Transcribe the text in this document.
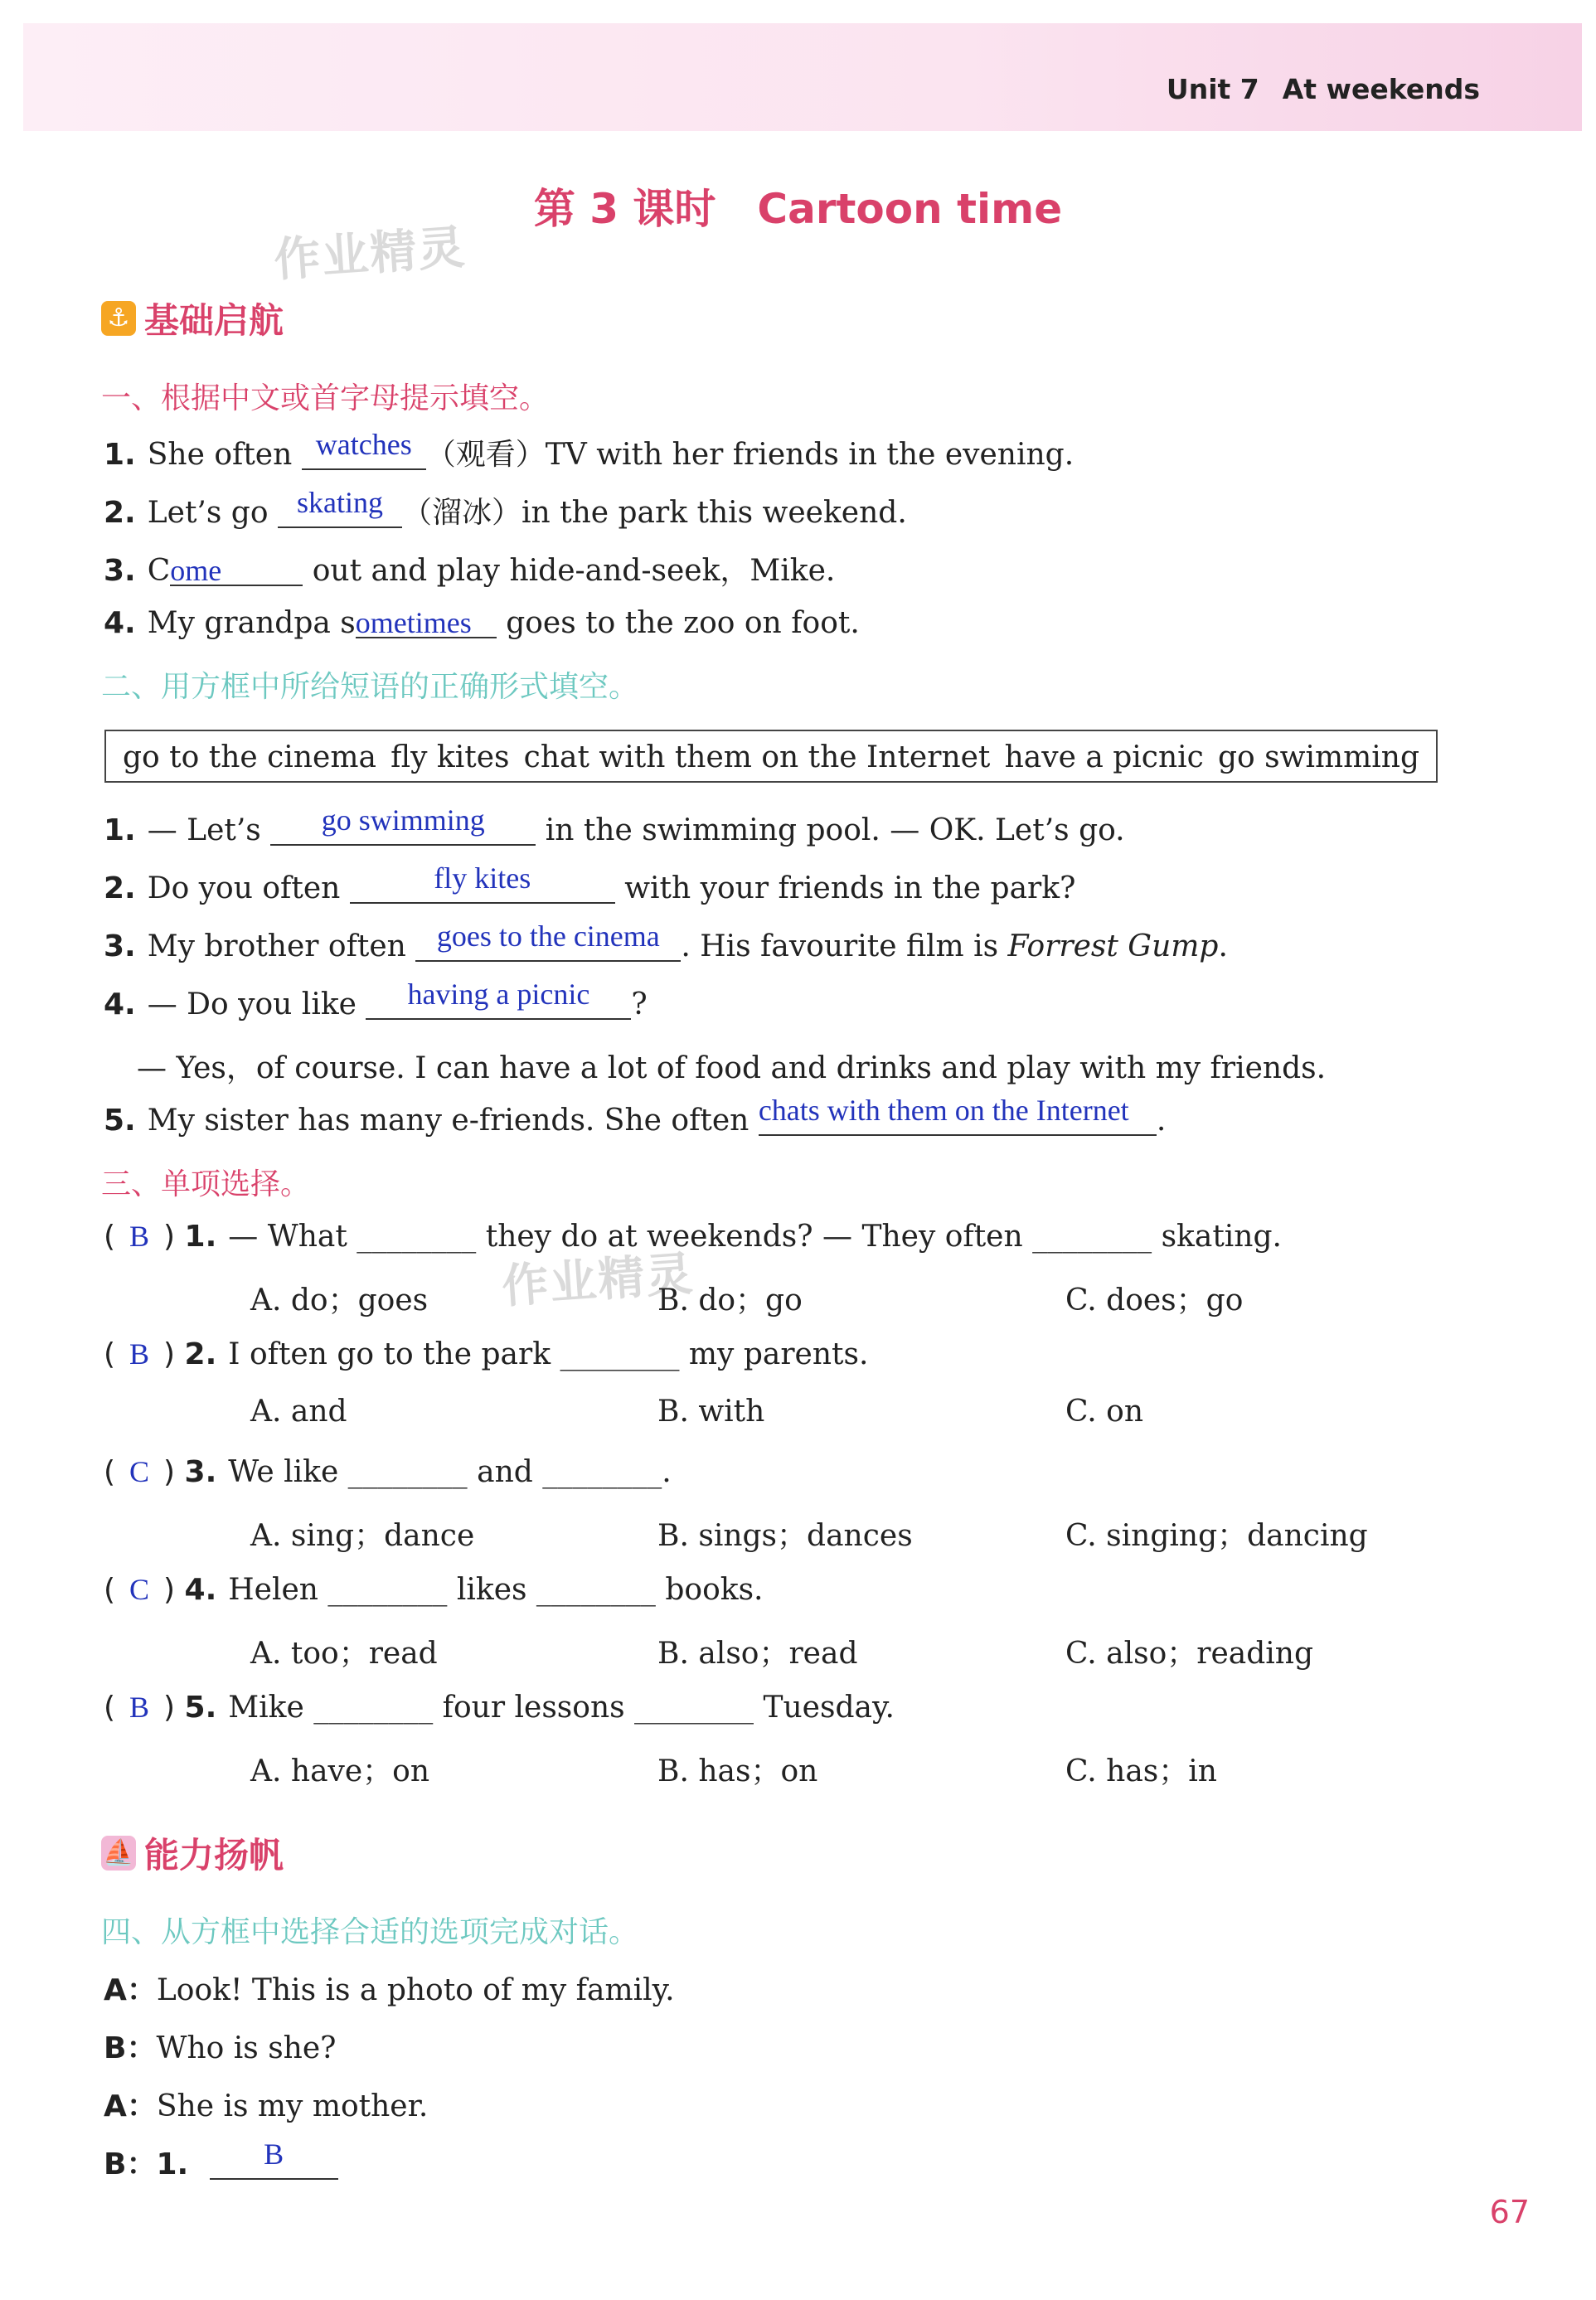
Unit 7 At weekends
第 3 课时 Cartoon time
作业精灵
作业精灵
⚓ 基础启航
一、根据中文或首字母提示填空。
1. She often watches （观看）TV with her friends in the evening.
2. Let’s go skating （溜冰）in the park this weekend.
3. Come	out and play hide-and-seek，Mike.
4. My grandpa sometimes goes to the zoo on foot.
二、用方框中所给短语的正确形式填空。
go to the cinema fly kites chat with them on the Internet have a picnic go swimming
1. — Let’s go swimming in the swimming pool. — OK. Let’s go.
2. Do you often	fly kites	with your friends in the park?
3. My brother often goes to the cinema . His favourite film is Forrest Gump.
4. — Do you like having a picnic ?
— Yes，of course. I can have a lot of food and drinks and play with my friends.
5. My sister has many e-friends. She often chats with them on the Internet .
三、单项选择。
( B ) 1. — What ________ they do at weekends? — They often ________ skating.
A. do；goes	B. do；go	C. does；go
( B ) 2. I often go to the park ________ my parents.
A. and	B. with	C. on
( C ) 3. We like ________ and ________.
A. sing；dance	B. sings；dances	C. singing；dancing
( C ) 4. Helen ________ likes ________ books.
A. too；read	B. also；read	C. also；reading
( B ) 5. Mike ________ four lessons ________ Tuesday.
A. have；on	B. has；on	C. has；in
⛵ 能力扬帆
四、从方框中选择合适的选项完成对话。
A：Look! This is a photo of my family.
B：Who is she?
A：She is my mother.
B：1.	B
67
